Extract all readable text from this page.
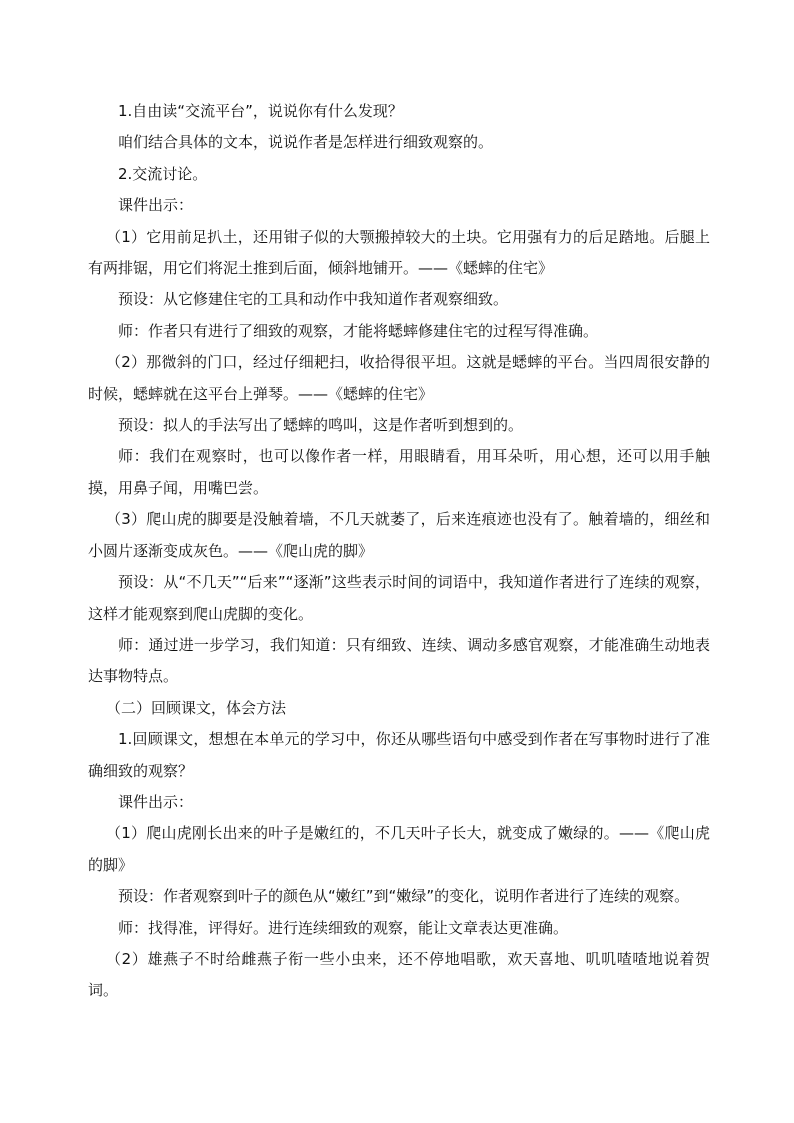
1.自由读“交流平台”，说说你有什么发现？

咱们结合具体的文本，说说作者是怎样进行细致观察的。

2.交流讨论。

课件出示：

（1）它用前足扒土，还用钳子似的大颚搬掉较大的土块。它用强有力的后足踏地。后腿上有两排锯，用它们将泥土推到后面，倾斜地铺开。——《蟋蟀的住宅》

预设：从它修建住宅的工具和动作中我知道作者观察细致。

师：作者只有进行了细致的观察，才能将蟋蟀修建住宅的过程写得准确。

（2）那微斜的门口，经过仔细耙扫，收拾得很平坦。这就是蟋蟀的平台。当四周很安静的时候，蟋蟀就在这平台上弹琴。——《蟋蟀的住宅》

预设：拟人的手法写出了蟋蟀的鸣叫，这是作者听到想到的。

师：我们在观察时，也可以像作者一样，用眼睛看，用耳朵听，用心想，还可以用手触摸，用鼻子闻，用嘴巴尝。

（3）爬山虎的脚要是没触着墙，不几天就萎了，后来连痕迹也没有了。触着墙的，细丝和小圆片逐渐变成灰色。——《爬山虎的脚》

预设：从“不几天”“后来”“逐渐”这些表示时间的词语中，我知道作者进行了连续的观察，这样才能观察到爬山虎脚的变化。

师：通过进一步学习，我们知道：只有细致、连续、调动多感官观察，才能准确生动地表达事物特点。

（二）回顾课文，体会方法

1.回顾课文，想想在本单元的学习中，你还从哪些语句中感受到作者在写事物时进行了准确细致的观察？

课件出示：

（1）爬山虎刚长出来的叶子是嫩红的，不几天叶子长大，就变成了嫩绿的。——《爬山虎的脚》

预设：作者观察到叶子的颜色从“嫩红”到“嫩绿”的变化，说明作者进行了连续的观察。

师：找得准，评得好。进行连续细致的观察，能让文章表达更准确。

（2）雄燕子不时给雌燕子衔一些小虫来，还不停地唱歌，欢天喜地、叽叽喳喳地说着贺词。
